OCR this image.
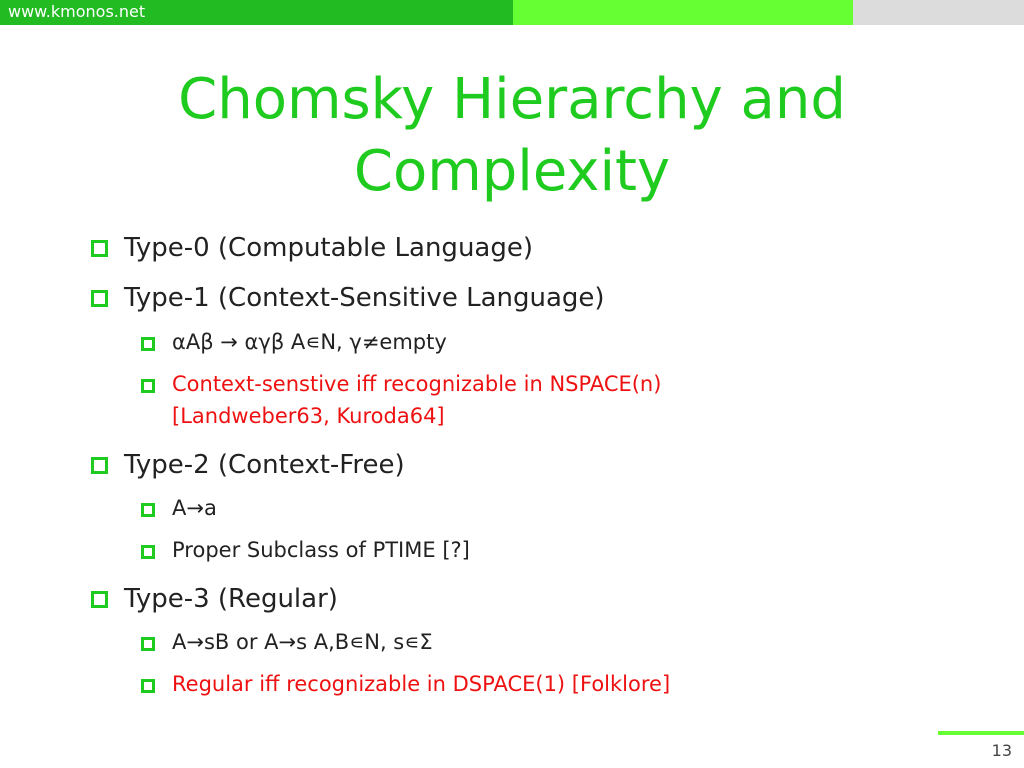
www.kmonos.net
Chomsky Hierarchy and
Complexity
Type-0 (Computable Language)
Type-1 (Context-Sensitive Language)
αAβ → αγβ A∊N, γ≠empty
Context-senstive iff recognizable in NSPACE(n)
[Landweber63, Kuroda64]
Type-2 (Context-Free)
A→a
Proper Subclass of PTIME [?]
Type-3 (Regular)
A→sB or A→s A,B∊N, s∊Σ
Regular iff recognizable in DSPACE(1) [Folklore]
13
